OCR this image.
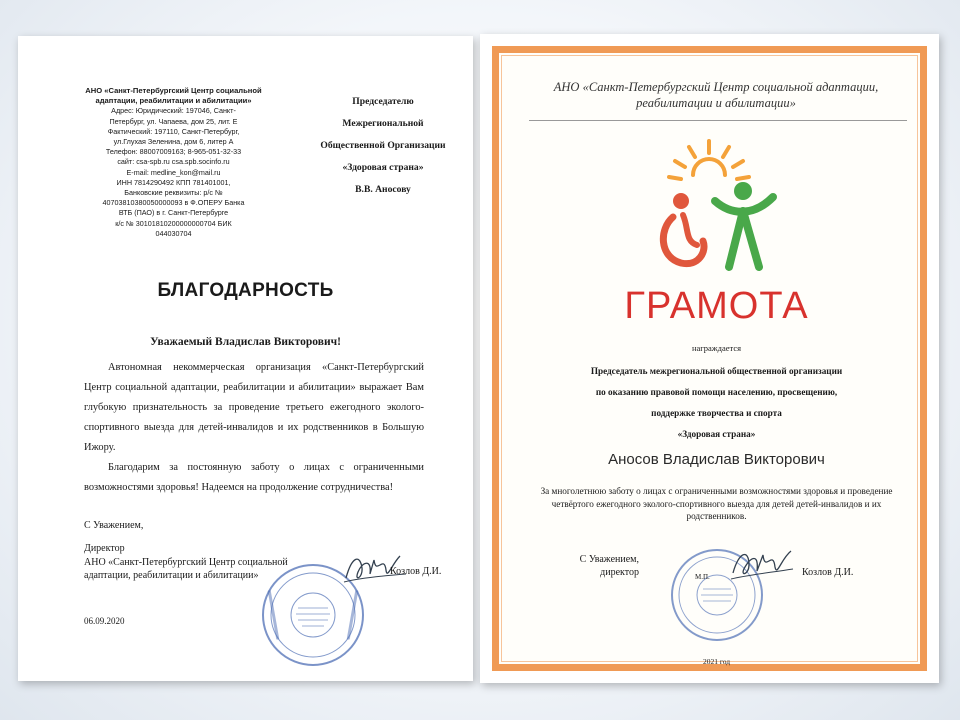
АНО «Санкт-Петербургский Центр социальной адаптации, реабилитации и абилитации»
Адрес: Юридический: 197046, Санкт-
Петербург, ул. Чапаева, дом 25, лит. Е
Фактический: 197110, Санкт-Петербург,
ул.Глухая Зеленина, дом 6, литер А
Телефон: 88007009163; 8-965-051-32-33
сайт: csa-spb.ru csa.spb.socinfo.ru
E-mail: medline_kon@mail.ru
ИНН 7814290492 КПП 781401001,
Банковские реквизиты: р/с №
40703810380050000093 в Ф.ОПЕРУ Банка
ВТБ (ПАО) в г. Санкт-Петербурге
к/с № 30101810200000000704 БИК
044030704
Председателю
Межрегиональной
Общественной Организации
«Здоровая страна»
В.В. Аносову
БЛАГОДАРНОСТЬ
Уважаемый Владислав Викторович!

Автономная некоммерческая организация «Санкт-Петербургский Центр социальной адаптации, реабилитации и абилитации» выражает Вам глубокую признательность за проведение третьего ежегодного эколого-спортивного выезда для детей-инвалидов и их родственников в Большую Ижору.

Благодарим за постоянную заботу о лицах с ограниченными возможностями здоровья! Надеемся на продолжение сотрудничества!

С Уважением,
Директор
АНО «Санкт-Петербургский Центр социальной
адаптации, реабилитации и абилитации»	Козлов Д.И.
06.09.2020
АНО «Санкт-Петербургский Центр социальной адаптации, реабилитации и абилитации»
ГРАМОТА
награждается
Председатель межрегиональной общественной организации
по оказанию правовой помощи населению, просвещению,
поддержке творчества и спорта
«Здоровая страна»
Аносов Владислав Викторович
За многолетнюю заботу о лицах с ограниченными возможностями здоровья и проведение четвёртого ежегодного эколого-спортивного выезда для детей детей-инвалидов и их родственников.
С Уважением,
директор	М.П.	Козлов Д.И.
2021 год
